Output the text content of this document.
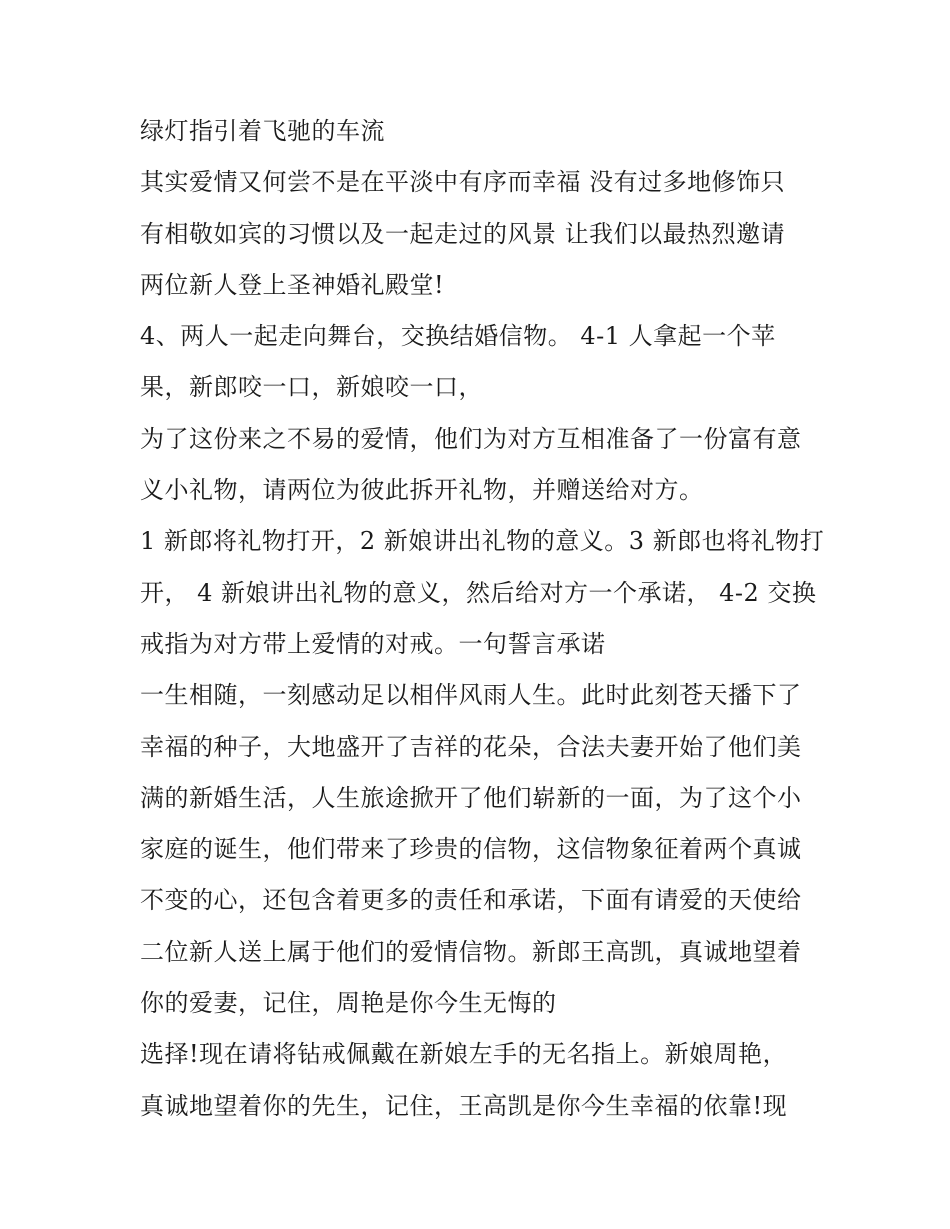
绿灯指引着飞驰的车流
其实爱情又何尝不是在平淡中有序而幸福 没有过多地修饰只
有相敬如宾的习惯以及一起走过的风景 让我们以最热烈邀请
两位新人登上圣神婚礼殿堂!
4、两人一起走向舞台，交换结婚信物。 4-1 人拿起一个苹
果，新郎咬一口，新娘咬一口，
为了这份来之不易的爱情，他们为对方互相准备了一份富有意
义小礼物，请两位为彼此拆开礼物，并赠送给对方。
1 新郎将礼物打开，2 新娘讲出礼物的意义。3 新郎也将礼物打
开， 4 新娘讲出礼物的意义，然后给对方一个承诺， 4-2 交换
戒指为对方带上爱情的对戒。一句誓言承诺
一生相随，一刻感动足以相伴风雨人生。此时此刻苍天播下了
幸福的种子，大地盛开了吉祥的花朵，合法夫妻开始了他们美
满的新婚生活，人生旅途掀开了他们崭新的一面，为了这个小
家庭的诞生，他们带来了珍贵的信物，这信物象征着两个真诚
不变的心，还包含着更多的责任和承诺，下面有请爱的天使给
二位新人送上属于他们的爱情信物。新郎王高凯，真诚地望着
你的爱妻，记住，周艳是你今生无悔的
选择!现在请将钻戒佩戴在新娘左手的无名指上。新娘周艳，
真诚地望着你的先生，记住，王高凯是你今生幸福的依靠!现
